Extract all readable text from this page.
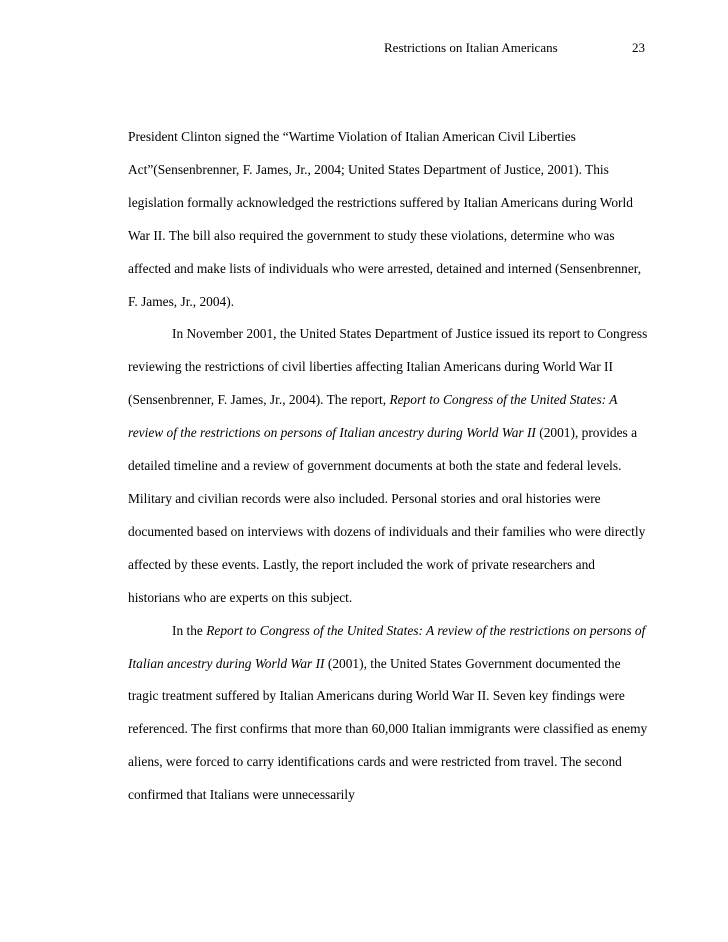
Restrictions on Italian Americans	23

President Clinton signed the “Wartime Violation of Italian American Civil Liberties Act”(Sensenbrenner, F. James, Jr., 2004; United States Department of Justice, 2001). This legislation formally acknowledged the restrictions suffered by Italian Americans during World War II. The bill also required the government to study these violations, determine who was affected and make lists of individuals who were arrested, detained and interned (Sensenbrenner, F. James, Jr., 2004).

In November 2001, the United States Department of Justice issued its report to Congress reviewing the restrictions of civil liberties affecting Italian Americans during World War II (Sensenbrenner, F. James, Jr., 2004). The report, Report to Congress of the United States: A review of the restrictions on persons of Italian ancestry during World War II (2001), provides a detailed timeline and a review of government documents at both the state and federal levels. Military and civilian records were also included. Personal stories and oral histories were documented based on interviews with dozens of individuals and their families who were directly affected by these events. Lastly, the report included the work of private researchers and historians who are experts on this subject.

In the Report to Congress of the United States: A review of the restrictions on persons of Italian ancestry during World War II (2001), the United States Government documented the tragic treatment suffered by Italian Americans during World War II. Seven key findings were referenced. The first confirms that more than 60,000 Italian immigrants were classified as enemy aliens, were forced to carry identifications cards and were restricted from travel. The second confirmed that Italians were unnecessarily
